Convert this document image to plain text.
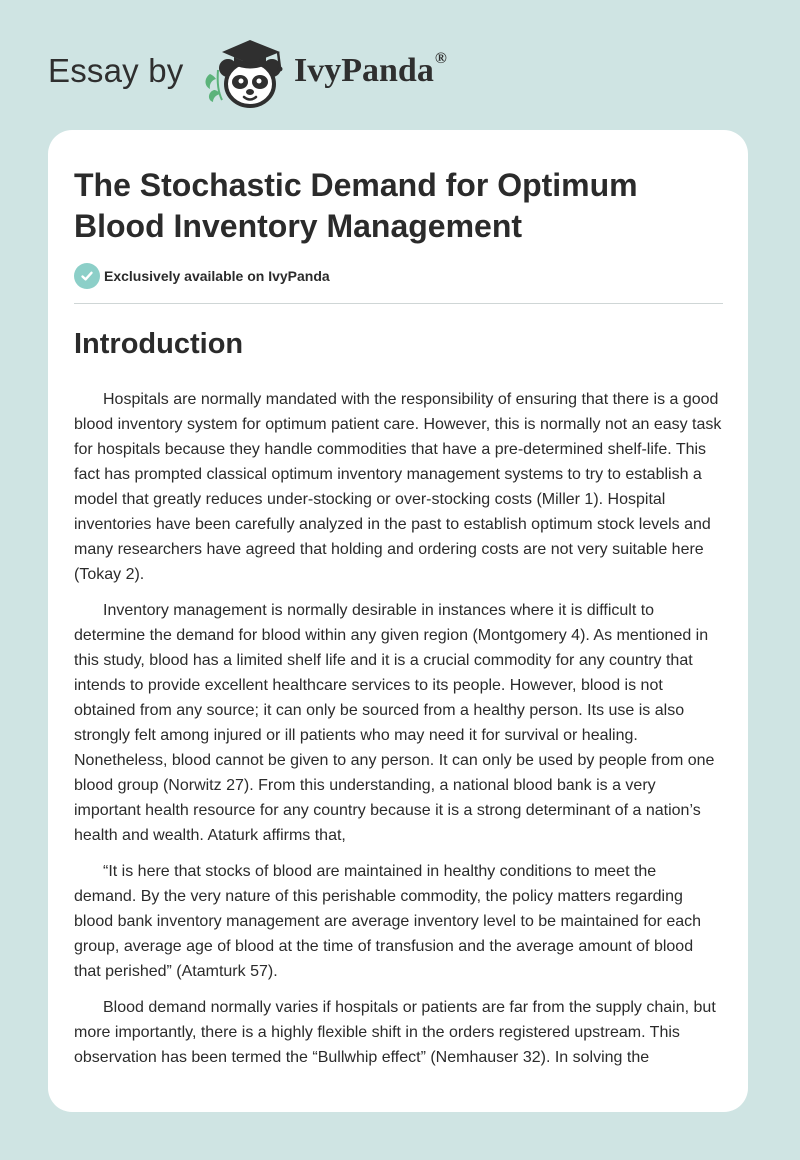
Essay by	IvyPanda®
The Stochastic Demand for Optimum Blood Inventory Management
Exclusively available on IvyPanda
Introduction

Hospitals are normally mandated with the responsibility of ensuring that there is a good blood inventory system for optimum patient care. However, this is normally not an easy task for hospitals because they handle commodities that have a pre-determined shelf-life. This fact has prompted classical optimum inventory management systems to try to establish a model that greatly reduces under-stocking or over-stocking costs (Miller 1). Hospital inventories have been carefully analyzed in the past to establish optimum stock levels and many researchers have agreed that holding and ordering costs are not very suitable here (Tokay 2).

Inventory management is normally desirable in instances where it is difficult to determine the demand for blood within any given region (Montgomery 4). As mentioned in this study, blood has a limited shelf life and it is a crucial commodity for any country that intends to provide excellent healthcare services to its people. However, blood is not obtained from any source; it can only be sourced from a healthy person. Its use is also strongly felt among injured or ill patients who may need it for survival or healing. Nonetheless, blood cannot be given to any person. It can only be used by people from one blood group (Norwitz 27). From this understanding, a national blood bank is a very important health resource for any country because it is a strong determinant of a nation’s health and wealth. Ataturk affirms that,

“It is here that stocks of blood are maintained in healthy conditions to meet the demand. By the very nature of this perishable commodity, the policy matters regarding blood bank inventory management are average inventory level to be maintained for each group, average age of blood at the time of transfusion and the average amount of blood that perished” (Atamturk 57).

Blood demand normally varies if hospitals or patients are far from the supply chain, but more importantly, there is a highly flexible shift in the orders registered upstream. This observation has been termed the “Bullwhip effect” (Nemhauser 32). In solving the
